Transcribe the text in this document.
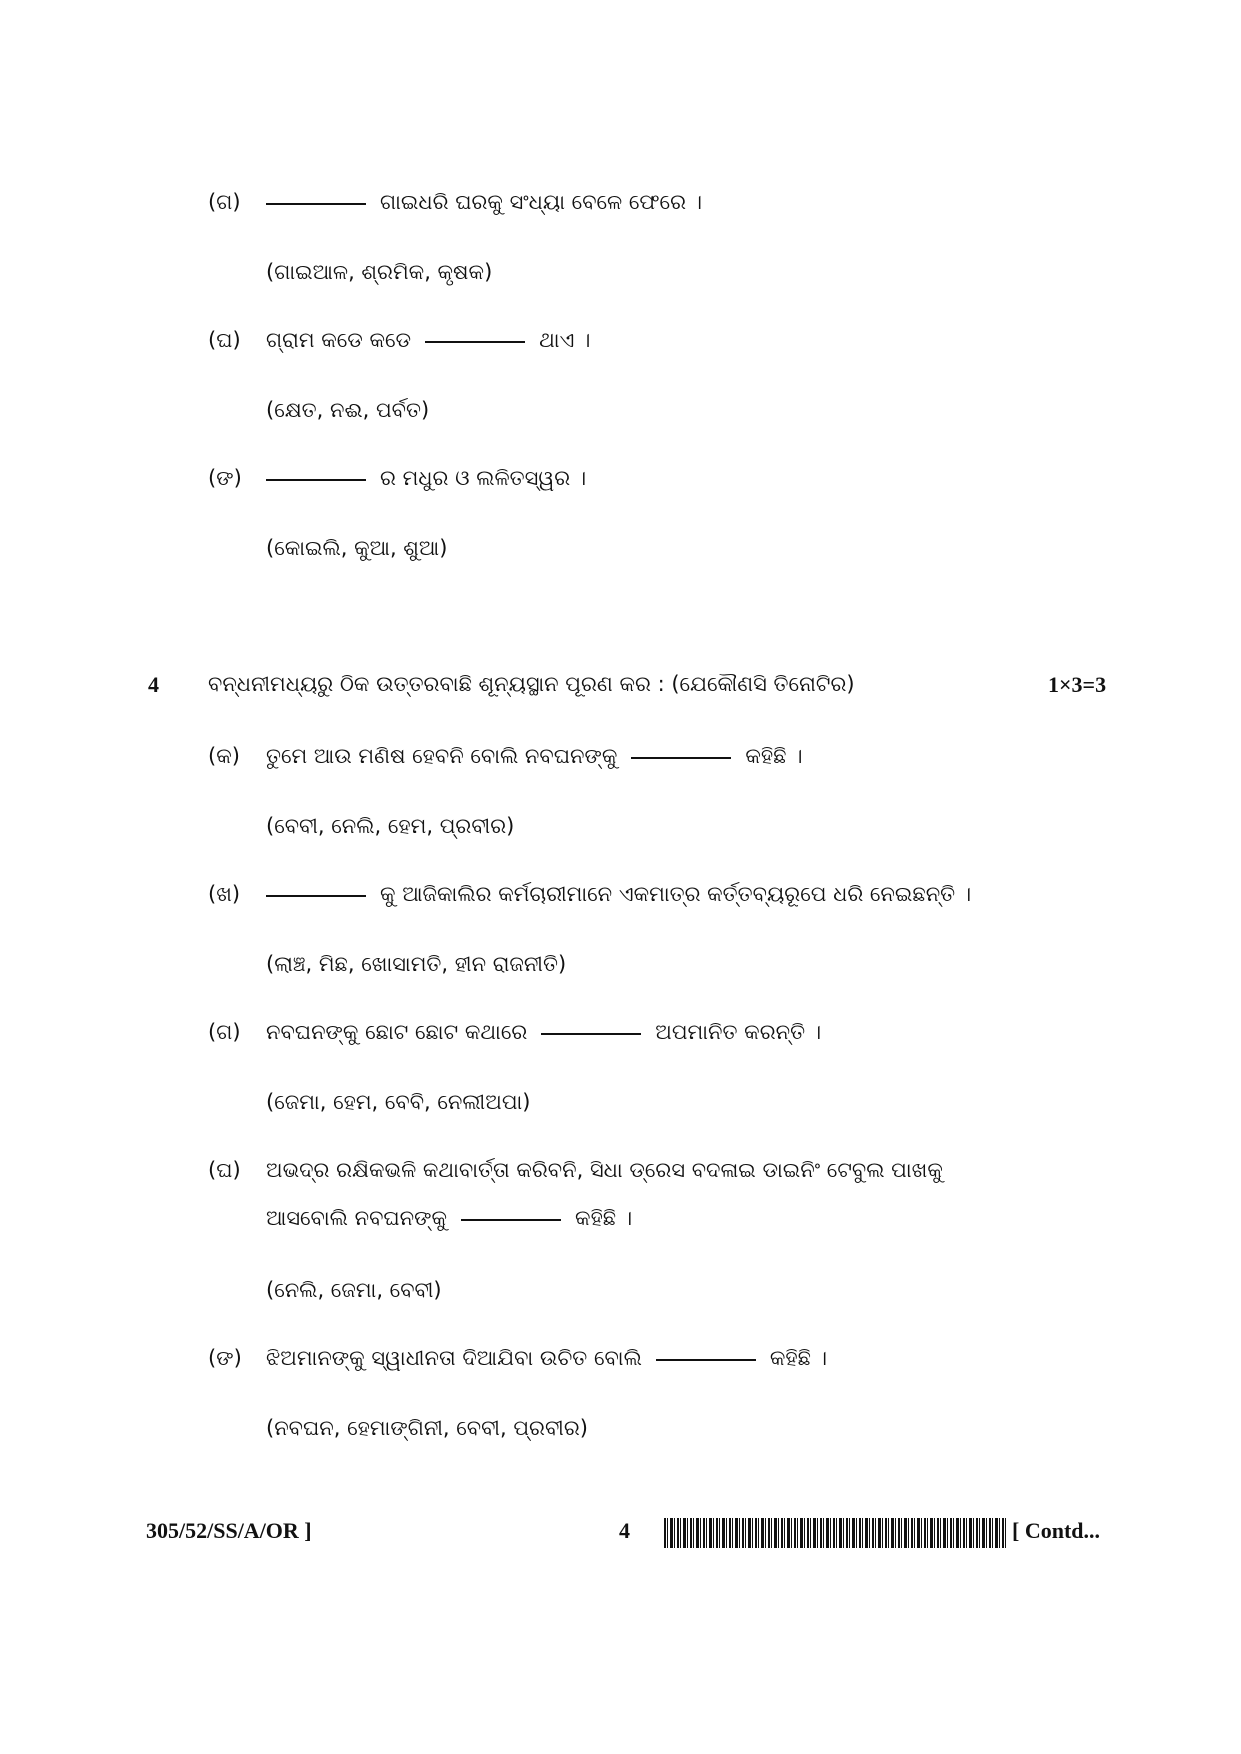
(ଗ)	ଗାଇଧରି ଘରକୁ ସଂଧ୍ୟା ବେଳେ ଫେରେ ।
(ଗାଇଆଳ, ଶ୍ରମିକ, କୃଷକ)
(ଘ) ଗ୍ରାମ କଡେ କଡେ	ଥାଏ ।
(କ୍ଷେତ, ନଈ, ପର୍ବତ)
(ଙ)	ର ମଧୁର ଓ ଲଳିତସ୍ୱର ।
(କୋଇଲି, କୁଆ, ଶୁଆ)
4 ବନ୍ଧନୀମଧ୍ୟରୁ ଠିକ ଉତ୍ତରବାଛି ଶୂନ୍ୟସ୍ଥାନ ପୂରଣ କର : (ଯେକୌଣସି ତିନୋଟିର)	1×3=3
(କ) ତୁମେ ଆଉ ମଣିଷ ହେବନି ବୋଲି ନବଘନଙ୍କୁ	କହିଛି ।
(ବେବୀ, ନେଲି, ହେମ, ପ୍ରବୀର)
(ଖ)	କୁ ଆଜିକାଲିର କର୍ମଚାରୀମାନେ ଏକମାତ୍ର କର୍ତ୍ତବ୍ୟରୂପେ ଧରି ନେଇଛନ୍ତି ।
(ଲାଞ୍ଚ, ମିଛ, ଖୋସାମତି, ହୀନ ରାଜନୀତି)
(ଗ) ନବଘନଙ୍କୁ ଛୋଟ ଛୋଟ କଥାରେ	ଅପମାନିତ କରନ୍ତି ।
(ଜେମା, ହେମ, ବେବି, ନେଲୀଅପା)
(ଘ) ଅଭଦ୍ର ରକ୍ଷିକଭଳି କଥାବାର୍ତ୍ତା କରିବନି, ସିଧା ଡ୍ରେସ ବଦଳାଇ ଡାଇନିଂ ଟେବୁଲ ପାଖକୁ
ଆସବୋଲି ନବଘନଙ୍କୁ	କହିଛି ।
(ନେଲି, ଜେମା, ବେବୀ)
(ଙ) ଝିଅମାନଙ୍କୁ ସ୍ୱାଧୀନତା ଦିଆଯିବା ଉଚିତ ବୋଲି	କହିଛି ।
(ନବଘନ, ହେମାଙ୍ଗିନୀ, ବେବୀ, ପ୍ରବୀର)
305/52/SS/A/OR ]	4	[ Contd...
